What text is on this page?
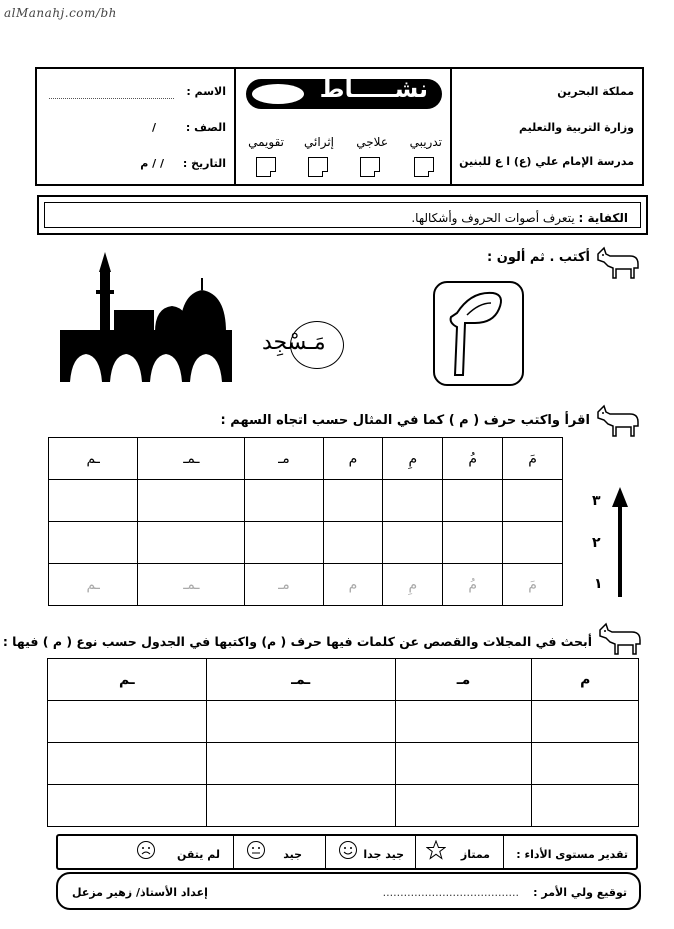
alManahj.com/bh
مملكة البحرين
وزارة التربية والتعليم
مدرسة الإمام علي (ع) ا ع للبنين
نشـــــاط
تدريبي
علاجي
إثرائي
تقويمي
الاسم :
الصف :
/
التاريخ :
/ / م
الكفاية : يتعرف أصوات الحروف وأشكالها.
أكتب . ثم ألون :
مَـسْجِد
اقرأ واكتب حرف ( م ) كما في المثال حسب اتجاه السهم :
مَ	مُ	مِ	م	مـ	ـمـ	ـم

مَ	مُ	مِ	م	مـ	ـمـ	ـم
٣
٢
١
أبحث في المجلات والقصص عن كلمات فيها حرف ( م) واكتبها في الجدول حسب نوع ( م ) فيها :
م	مـ	ـمـ	ـم

تقدير مستوى الأداء :
ممتاز
جيد جدا
جيد
لم يتقن
توقيع ولي الأمر :
.......................................
إعداد الأستاذ/ زهير مزعل
